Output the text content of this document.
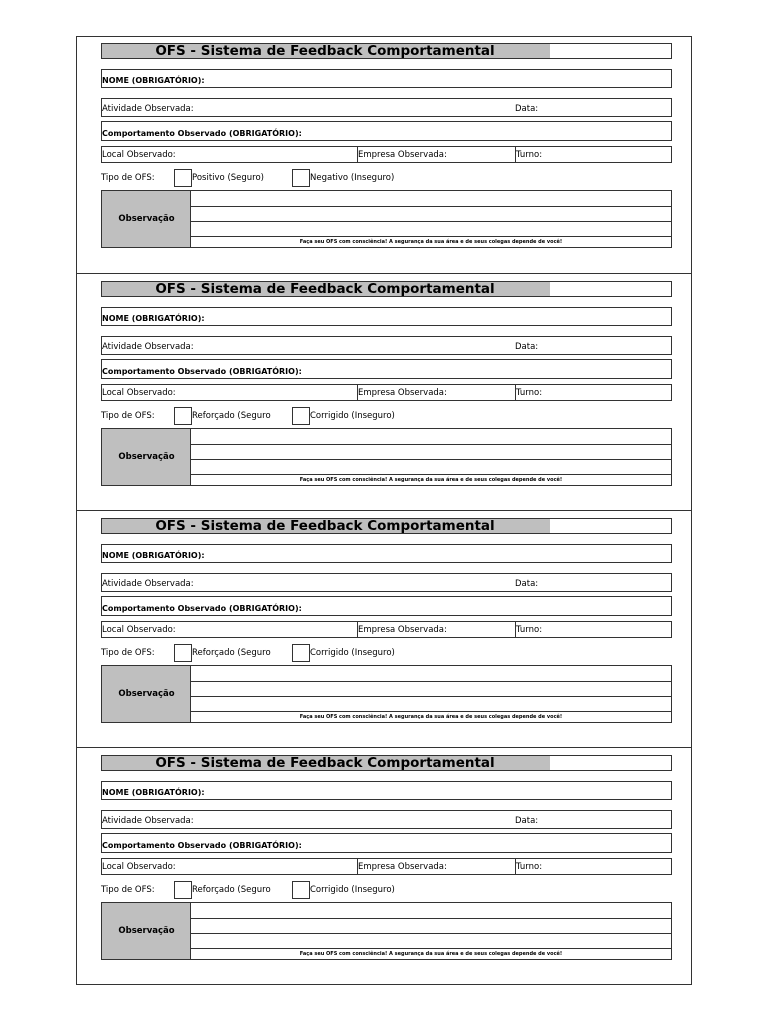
OFS - Sistema de Feedback Comportamental
NOME (OBRIGATÓRIO):
Atividade Observada:	Data:
Comportamento Observado (OBRIGATÓRIO):
Local Observado:	Empresa Observada:	Turno:
Tipo de OFS:	Positivo (Seguro)	Negativo (Inseguro)
Observação
Faça seu OFS com consciência! A segurança da sua área e de seus colegas depende de você!
OFS - Sistema de Feedback Comportamental
NOME (OBRIGATÓRIO):
Atividade Observada:	Data:
Comportamento Observado (OBRIGATÓRIO):
Local Observado:	Empresa Observada:	Turno:
Tipo de OFS:	Reforçado (Seguro	Corrigido (Inseguro)
Observação
Faça seu OFS com consciência! A segurança da sua área e de seus colegas depende de você!
OFS - Sistema de Feedback Comportamental
NOME (OBRIGATÓRIO):
Atividade Observada:	Data:
Comportamento Observado (OBRIGATÓRIO):
Local Observado:	Empresa Observada:	Turno:
Tipo de OFS:	Reforçado (Seguro	Corrigido (Inseguro)
Observação
Faça seu OFS com consciência! A segurança da sua área e de seus colegas depende de você!
OFS - Sistema de Feedback Comportamental
NOME (OBRIGATÓRIO):
Atividade Observada:	Data:
Comportamento Observado (OBRIGATÓRIO):
Local Observado:	Empresa Observada:	Turno:
Tipo de OFS:	Reforçado (Seguro	Corrigido (Inseguro)
Observação
Faça seu OFS com consciência! A segurança da sua área e de seus colegas depende de você!
